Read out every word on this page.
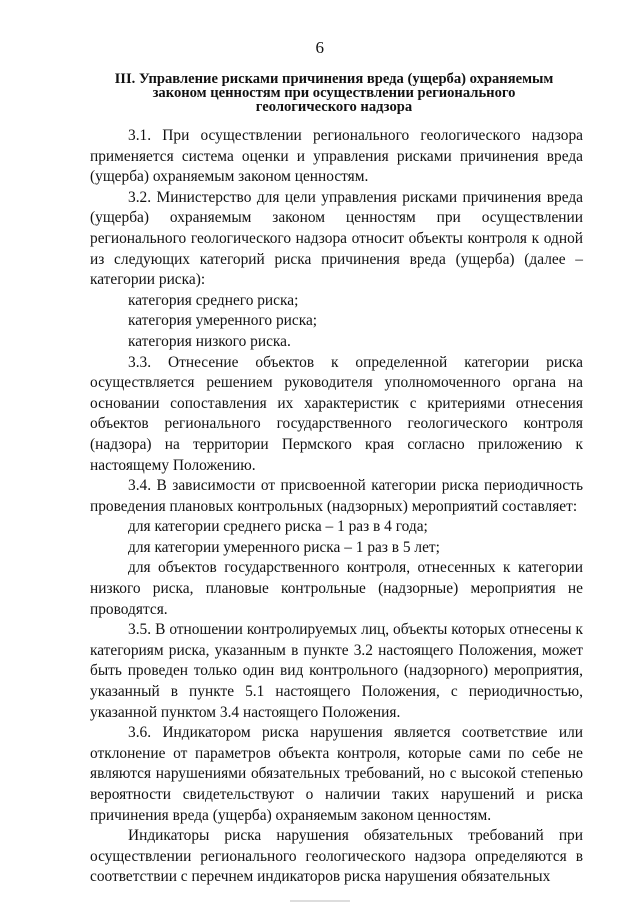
6
III. Управление рисками причинения вреда (ущерба) охраняемым
законом ценностям при осуществлении регионального
геологического надзора

3.1. При осуществлении регионального геологического надзора применяется система оценки и управления рисками причинения вреда (ущерба) охраняемым законом ценностям.

3.2. Министерство для цели управления рисками причинения вреда (ущерба) охраняемым законом ценностям при осуществлении регионального геологического надзора относит объекты контроля к одной из следующих категорий риска причинения вреда (ущерба) (далее – категории риска):

категория среднего риска;

категория умеренного риска;

категория низкого риска.

3.3. Отнесение объектов к определенной категории риска осуществляется решением руководителя уполномоченного органа на основании сопоставления их характеристик с критериями отнесения объектов регионального государственного геологического контроля (надзора) на территории Пермского края согласно приложению к настоящему Положению.

3.4. В зависимости от присвоенной категории риска периодичность проведения плановых контрольных (надзорных) мероприятий составляет:

для категории среднего риска – 1 раз в 4 года;

для категории умеренного риска – 1 раз в 5 лет;

для объектов государственного контроля, отнесенных к категории низкого риска, плановые контрольные (надзорные) мероприятия не проводятся.

3.5. В отношении контролируемых лиц, объекты которых отнесены к категориям риска, указанным в пункте 3.2 настоящего Положения, может быть проведен только один вид контрольного (надзорного) мероприятия, указанный в пункте 5.1 настоящего Положения, с периодичностью, указанной пунктом 3.4 настоящего Положения.

3.6. Индикатором риска нарушения является соответствие или отклонение от параметров объекта контроля, которые сами по себе не являются нарушениями обязательных требований, но с высокой степенью вероятности свидетельствуют о наличии таких нарушений и риска причинения вреда (ущерба) охраняемым законом ценностям.

Индикаторы риска нарушения обязательных требований при осуществлении регионального геологического надзора определяются в соответствии с перечнем индикаторов риска нарушения обязательных
